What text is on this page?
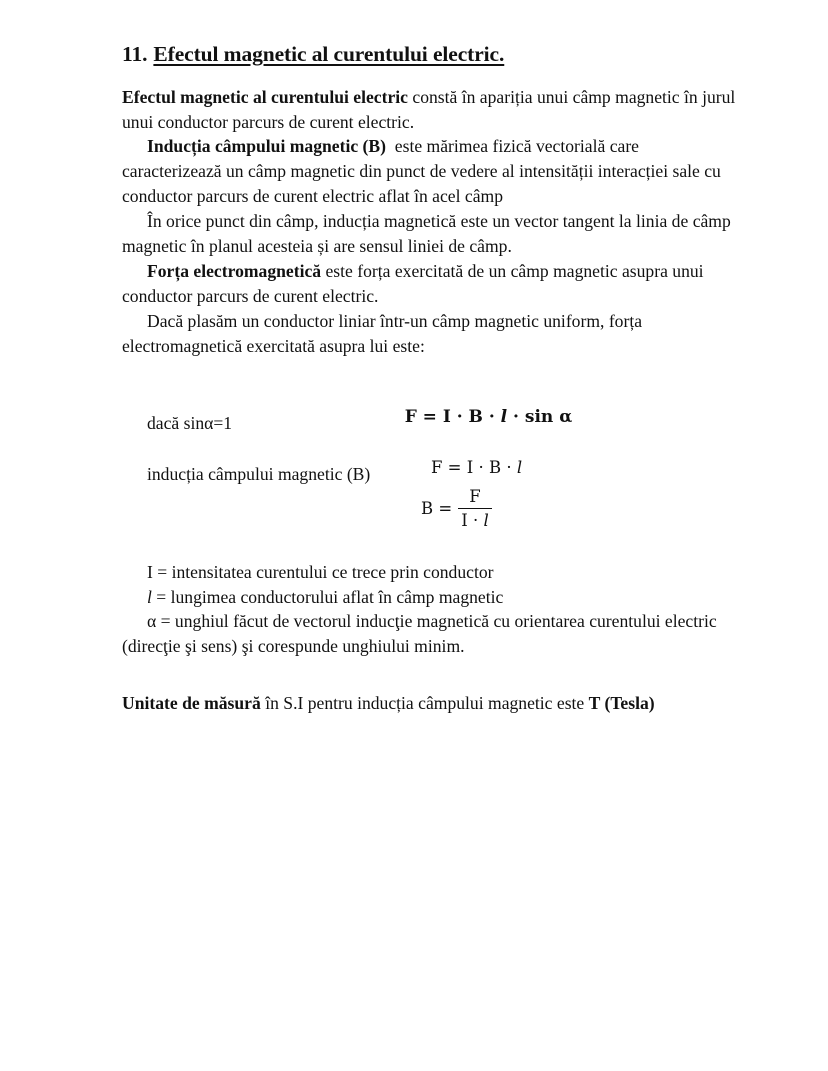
11. Efectul magnetic al curentului electric.
Efectul magnetic al curentului electric constă în apariția unui câmp magnetic în jurul
unui conductor parcurs de curent electric.
Inducția câmpului magnetic (B)  este mărimea fizică vectorială care
caracterizează un câmp magnetic din punct de vedere al intensității interacției sale cu
conductor parcurs de curent electric aflat în acel câmp
În orice punct din câmp, inducția magnetică este un vector tangent la linia de câmp
magnetic în planul acesteia și are sensul liniei de câmp.
Forța electromagnetică este forța exercitată de un câmp magnetic asupra unui
conductor parcurs de curent electric.
Dacă plasăm un conductor liniar într-un câmp magnetic uniform, forța
electromagnetică exercitată asupra lui este:

F = I · B · l · sin α

dacă sinα=1

F = I · B · l

inducția câmpului magnetic (B)
$B = \frac{F}{I \cdot l}$
I = intensitatea curentului ce trece prin conductor
l = lungimea conductorului aflat în câmp magnetic
α = unghiul făcut de vectorul inducţie magnetică cu orientarea curentului electric
(direcţie şi sens) şi corespunde unghiului minim.
Unitate de măsură în S.I pentru inducția câmpului magnetic este T (Tesla)
